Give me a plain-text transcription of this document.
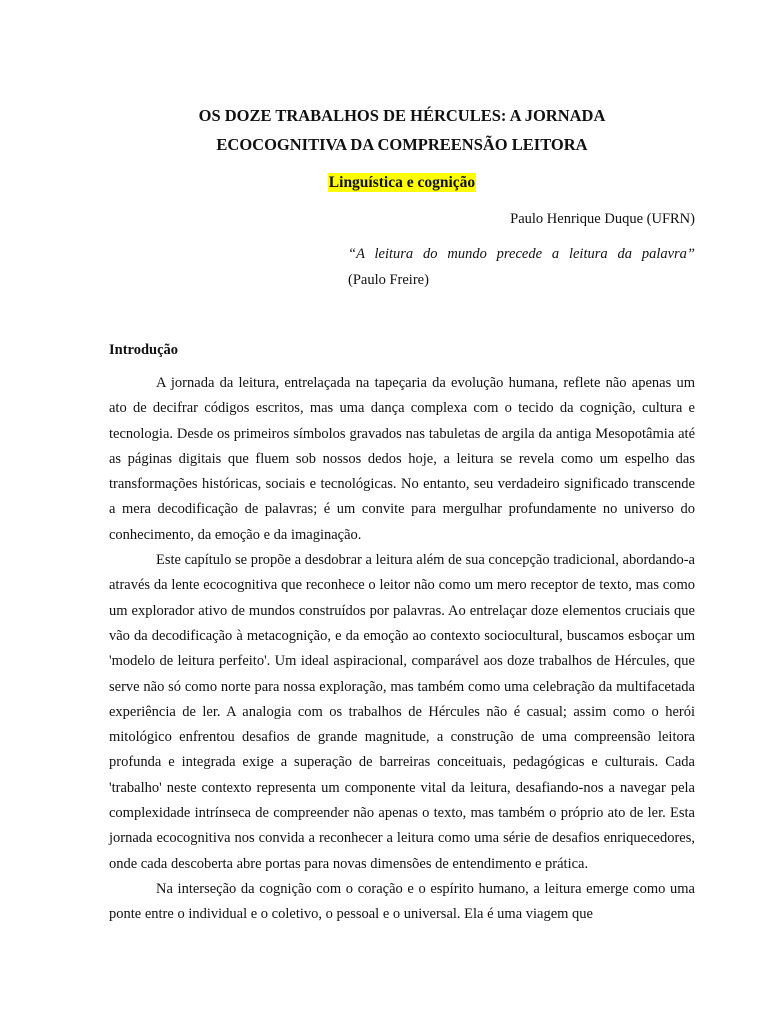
OS DOZE TRABALHOS DE HÉRCULES: A JORNADA
ECOCOGNITIVA DA COMPREENSÃO LEITORA
Linguística e cognição
Paulo Henrique Duque (UFRN)
“A leitura do mundo precede a leitura da palavra”
(Paulo Freire)
Introdução

A jornada da leitura, entrelaçada na tapeçaria da evolução humana, reflete não apenas um ato de decifrar códigos escritos, mas uma dança complexa com o tecido da cognição, cultura e tecnologia. Desde os primeiros símbolos gravados nas tabuletas de argila da antiga Mesopotâmia até as páginas digitais que fluem sob nossos dedos hoje, a leitura se revela como um espelho das transformações históricas, sociais e tecnológicas. No entanto, seu verdadeiro significado transcende a mera decodificação de palavras; é um convite para mergulhar profundamente no universo do conhecimento, da emoção e da imaginação.

Este capítulo se propõe a desdobrar a leitura além de sua concepção tradicional, abordando-a através da lente ecocognitiva que reconhece o leitor não como um mero receptor de texto, mas como um explorador ativo de mundos construídos por palavras. Ao entrelaçar doze elementos cruciais que vão da decodificação à metacognição, e da emoção ao contexto sociocultural, buscamos esboçar um 'modelo de leitura perfeito'. Um ideal aspiracional, comparável aos doze trabalhos de Hércules, que serve não só como norte para nossa exploração, mas também como uma celebração da multifacetada experiência de ler. A analogia com os trabalhos de Hércules não é casual; assim como o herói mitológico enfrentou desafios de grande magnitude, a construção de uma compreensão leitora profunda e integrada exige a superação de barreiras conceituais, pedagógicas e culturais. Cada 'trabalho' neste contexto representa um componente vital da leitura, desafiando-nos a navegar pela complexidade intrínseca de compreender não apenas o texto, mas também o próprio ato de ler. Esta jornada ecocognitiva nos convida a reconhecer a leitura como uma série de desafios enriquecedores, onde cada descoberta abre portas para novas dimensões de entendimento e prática.

Na interseção da cognição com o coração e o espírito humano, a leitura emerge como uma ponte entre o individual e o coletivo, o pessoal e o universal. Ela é uma viagem que
